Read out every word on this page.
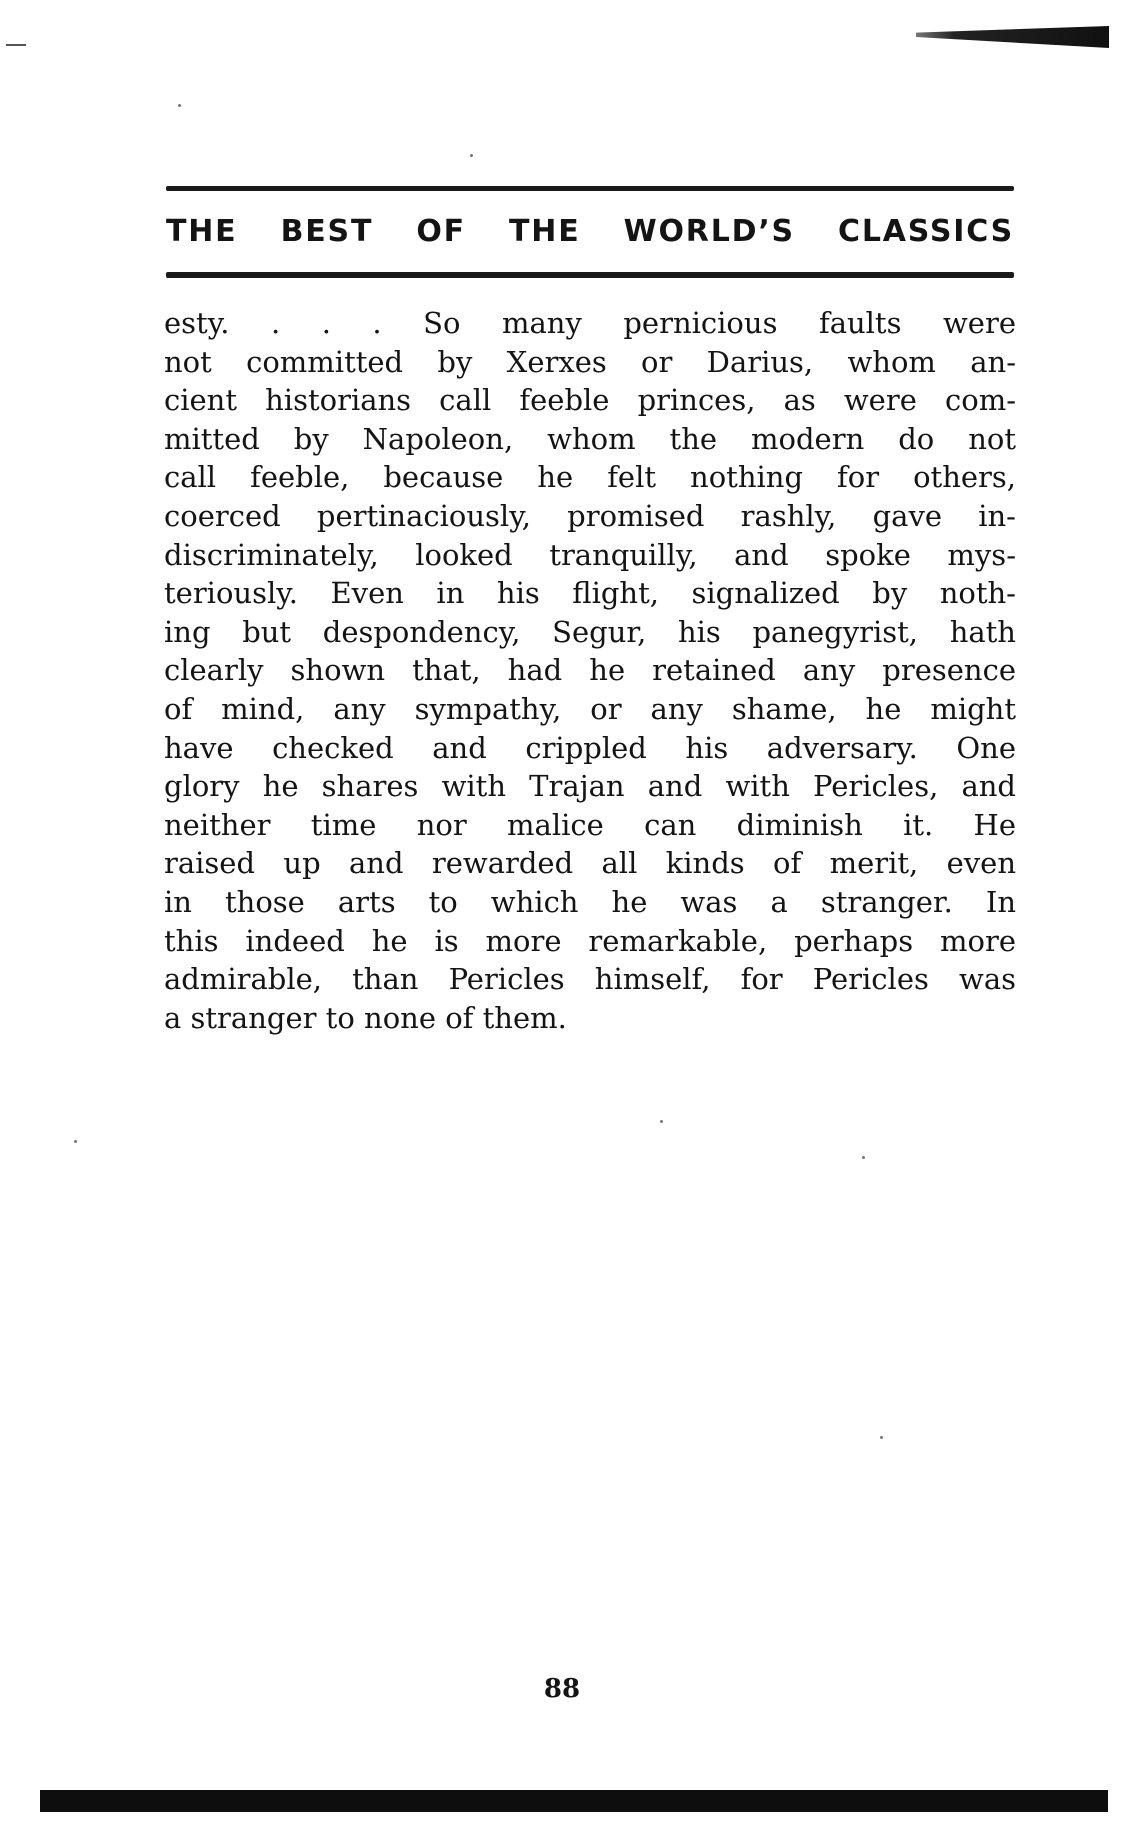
THE BEST OF THE WORLD’S CLASSICS
esty. . . . So many pernicious faults were
not committed by Xerxes or Darius, whom an-
cient historians call feeble princes, as were com-
mitted by Napoleon, whom the modern do not
call feeble, because he felt nothing for others,
coerced pertinaciously, promised rashly, gave in-
discriminately, looked tranquilly, and spoke mys-
teriously. Even in his flight, signalized by noth-
ing but despondency, Segur, his panegyrist, hath
clearly shown that, had he retained any presence
of mind, any sympathy, or any shame, he might
have checked and crippled his adversary. One
glory he shares with Trajan and with Pericles, and
neither time nor malice can diminish it. He
raised up and rewarded all kinds of merit, even
in those arts to which he was a stranger. In
this indeed he is more remarkable, perhaps more
admirable, than Pericles himself, for Pericles was
a stranger to none of them.
88
